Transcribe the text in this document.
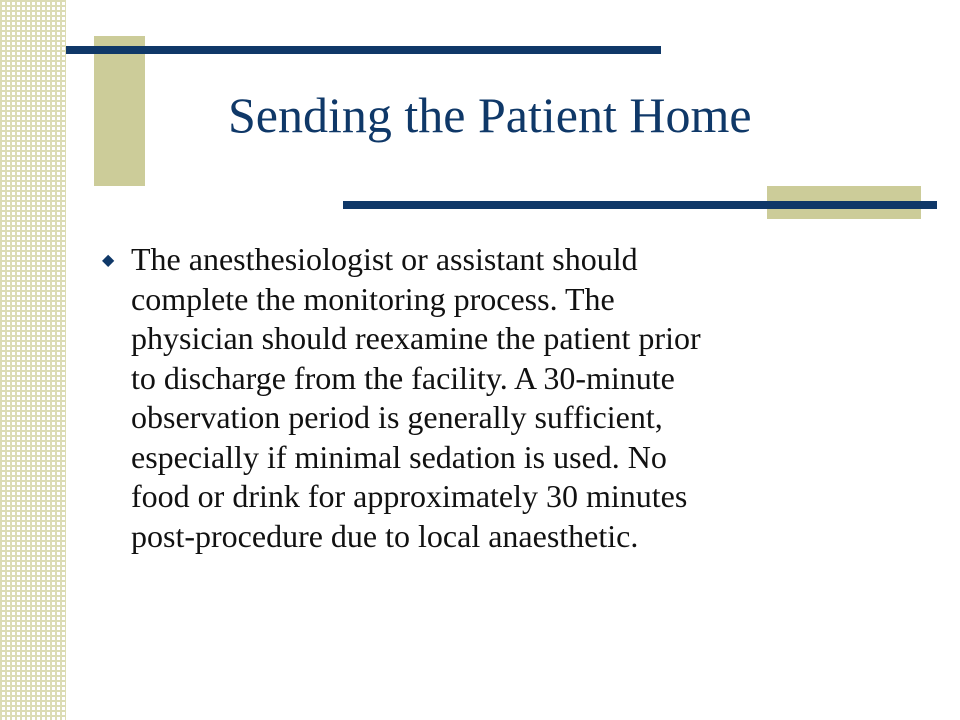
Sending the Patient Home
◆ The anesthesiologist or assistant should
complete the monitoring process. The
physician should reexamine the patient prior
to discharge from the facility. A 30-minute
observation period is generally sufficient,
especially if minimal sedation is used. No
food or drink for approximately 30 minutes
post-procedure due to local anaesthetic.
